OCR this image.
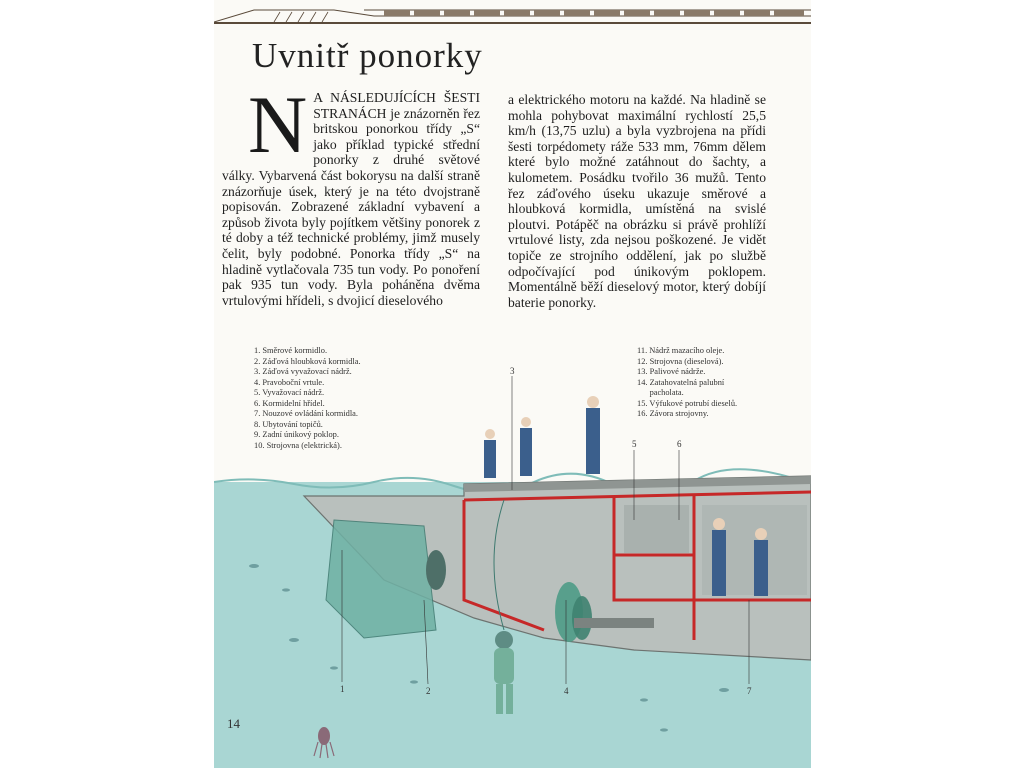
Uvnitř ponorky
N A NÁSLEDUJÍCÍCH ŠESTI STRANÁCH je znázorněn řez britskou ponorkou třídy „S“ jako příklad typické střední ponorky z druhé světové války. Vybarvená část bokorysu na další straně znázorňuje úsek, který je na této dvojstraně popisován. Zobrazené základní vybavení a způsob života byly pojítkem většiny ponorek z té doby a též technické problémy, jimž musely čelit, byly podobné. Ponorka třídy „S“ na hladině vytlačovala 735 tun vody. Po ponoření pak 935 tun vody. Byla poháněna dvěma vrtulovými hřídeli, s dvojicí dieselového

a elektrického motoru na každé. Na hladině se mohla pohybovat maximální rychlostí 25,5 km/h (13,75 uzlu) a byla vyzbrojena na přídi šesti torpédomety ráže 533 mm, 76mm dělem které bylo možné zatáhnout do šachty, a kulometem. Posádku tvořilo 36 mužů. Tento řez záďového úseku ukazuje směrové a hloubková kormidla, umístěná na svislé ploutvi. Potápěč na obrázku si právě prohlíží vrtulové listy, zda nejsou poškozené. Je vidět topiče ze strojního oddělení, jak po službě odpočívající pod únikovým poklopem. Momentálně běží dieselový motor, který dobíjí baterie ponorky.

1	2
3
4
5	6
7
1. Směrové kormidlo.
2. Záďová hloubková kormidla.
3. Záďová vyvažovací nádrž.
4. Pravoboční vrtule.
5. Vyvažovací nádrž.
6. Kormidelní hřídel.
7. Nouzové ovládání kormidla.
8. Ubytování topičů.
9. Zadní únikový poklop.
10. Strojovna (elektrická).
11. Nádrž mazacího oleje.
12. Strojovna (dieselová).
13. Palivové nádrže.
14. Zatahovatelná palubní
pacholata.
15. Výfukové potrubí dieselů.
16. Závora strojovny.
14
